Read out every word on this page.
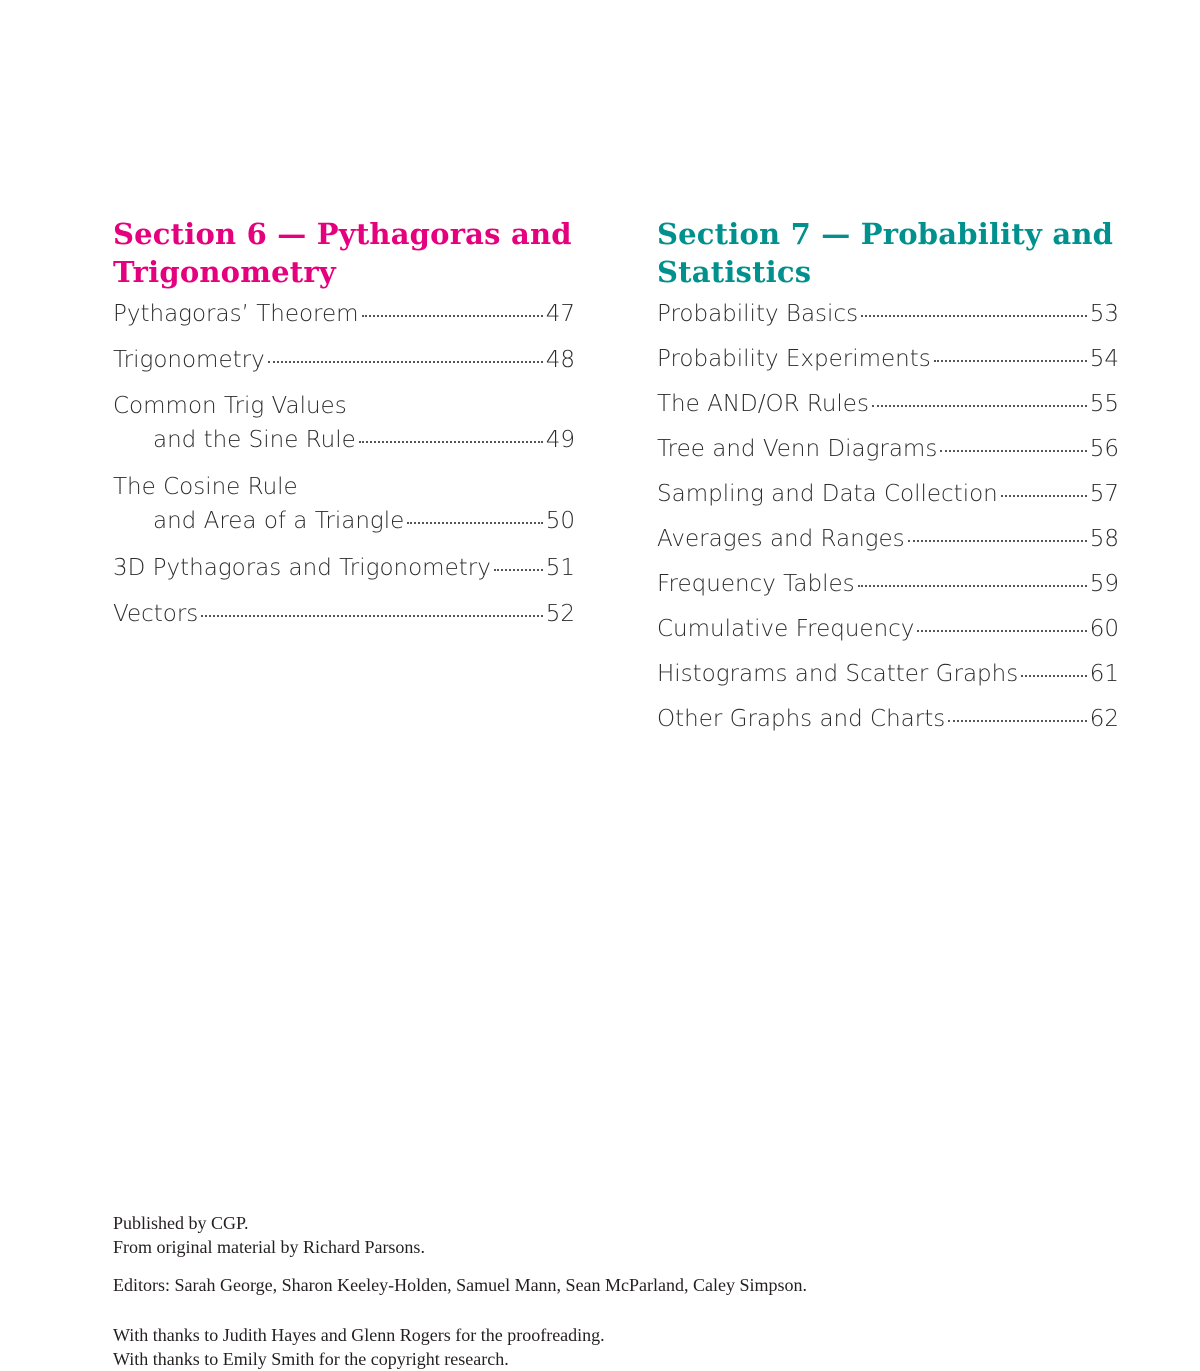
Section 6 — Pythagoras and Trigonometry
Pythagoras’ Theorem	47
Trigonometry	48
Common Trig Values
and the Sine Rule	49
The Cosine Rule
and Area of a Triangle	50
3D Pythagoras and Trigonometry 51
Vectors	52
Section 7 — Probability and Statistics
Probability Basics	53
Probability Experiments	54
The AND/OR Rules	55
Tree and Venn Diagrams	56
Sampling and Data Collection	57
Averages and Ranges	58
Frequency Tables	59
Cumulative Frequency	60
Histograms and Scatter Graphs	61
Other Graphs and Charts	62

Published by CGP.

From original material by Richard Parsons.

Editors: Sarah George, Sharon Keeley-Holden, Samuel Mann, Sean McParland, Caley Simpson.

With thanks to Judith Hayes and Glenn Rogers for the proofreading.

With thanks to Emily Smith for the copyright research.
